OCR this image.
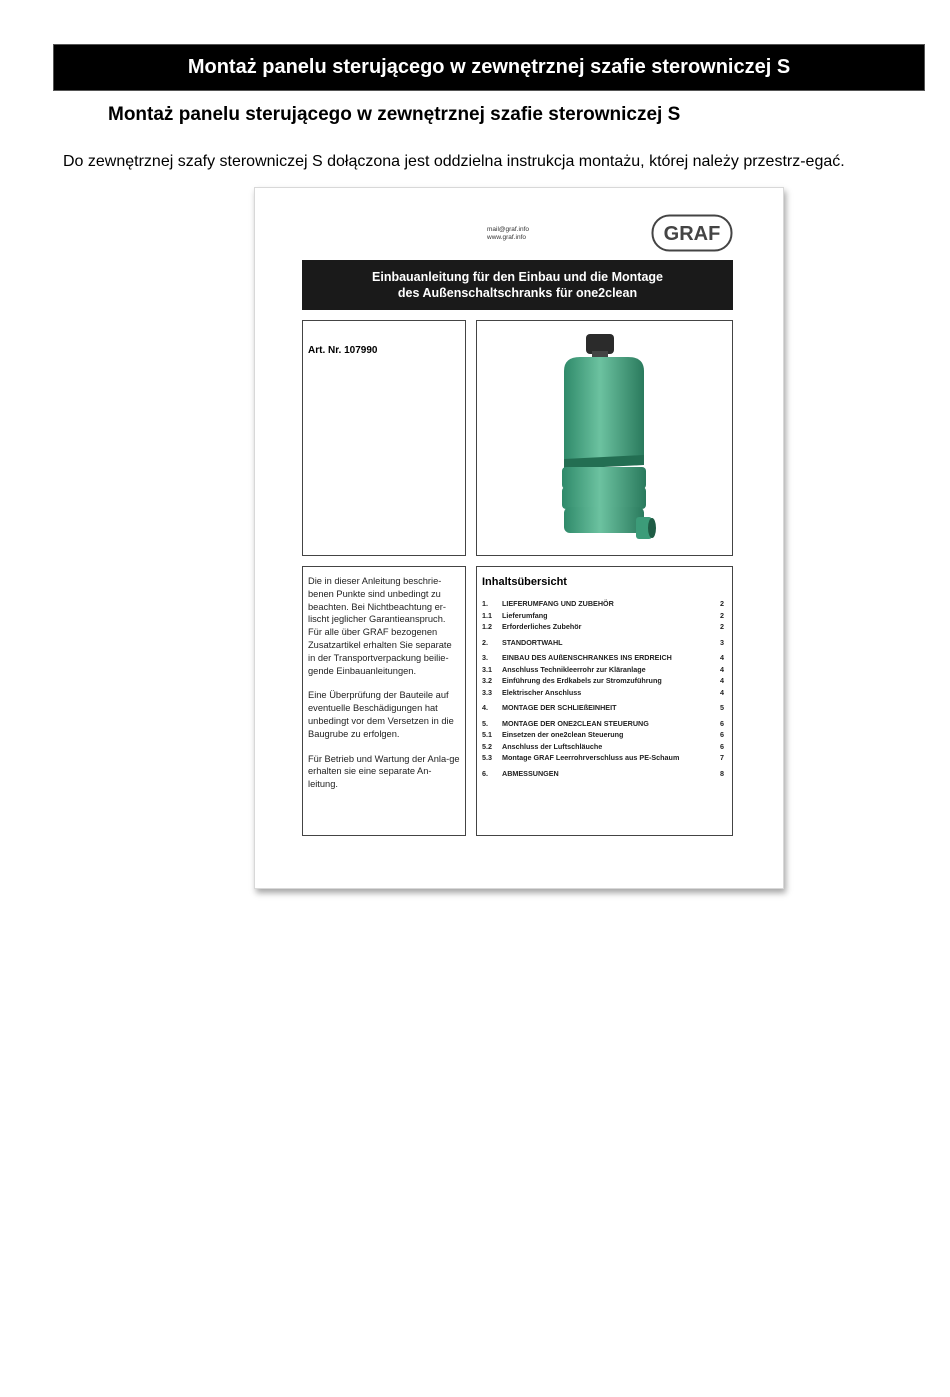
Montaż panelu sterującego w zewnętrznej szafie sterowniczej S
Montaż panelu sterującego w zewnętrznej szafie sterowniczej S
Do zewnętrznej szafy sterowniczej S dołączona jest oddzielna instrukcja montażu, której należy przestrz-egać.
mail@graf.info
www.graf.info	GRAF
Einbauanleitung für den Einbau und die Montage
des Außenschaltschranks für one2clean
Art. Nr. 107990

Die in dieser Anleitung beschrie-benen Punkte sind unbedingt zu beachten. Bei Nichtbeachtung er-lischt jeglicher Garantieanspruch. Für alle über GRAF bezogenen Zusatzartikel erhalten Sie separate in der Transportverpackung beilie-gende Einbauanleitungen.

Eine Überprüfung der Bauteile auf eventuelle Beschädigungen hat unbedingt vor dem Versetzen in die Baugrube zu erfolgen.

Für Betrieb und Wartung der Anla-ge erhalten sie eine separate An-leitung.

Inhaltsübersicht
1.	LIEFERUMFANG UND ZUBEHÖR	2
1.1	Lieferumfang	2
1.2	Erforderliches Zubehör	2
2.	STANDORTWAHL	3
3.	EINBAU DES AUßENSCHRANKES INS ERDREICH	4
3.1	Anschluss Technikleerrohr zur Kläranlage	4
3.2	Einführung des Erdkabels zur Stromzuführung	4
3.3	Elektrischer Anschluss	4
4.	MONTAGE DER SCHLIEßEINHEIT	5
5.	MONTAGE DER ONE2CLEAN STEUERUNG	6
5.1	Einsetzen der one2clean Steuerung	6
5.2	Anschluss der Luftschläuche	6
5.3	Montage GRAF Leerrohrverschluss aus PE-Schaum	7
6.	ABMESSUNGEN	8
